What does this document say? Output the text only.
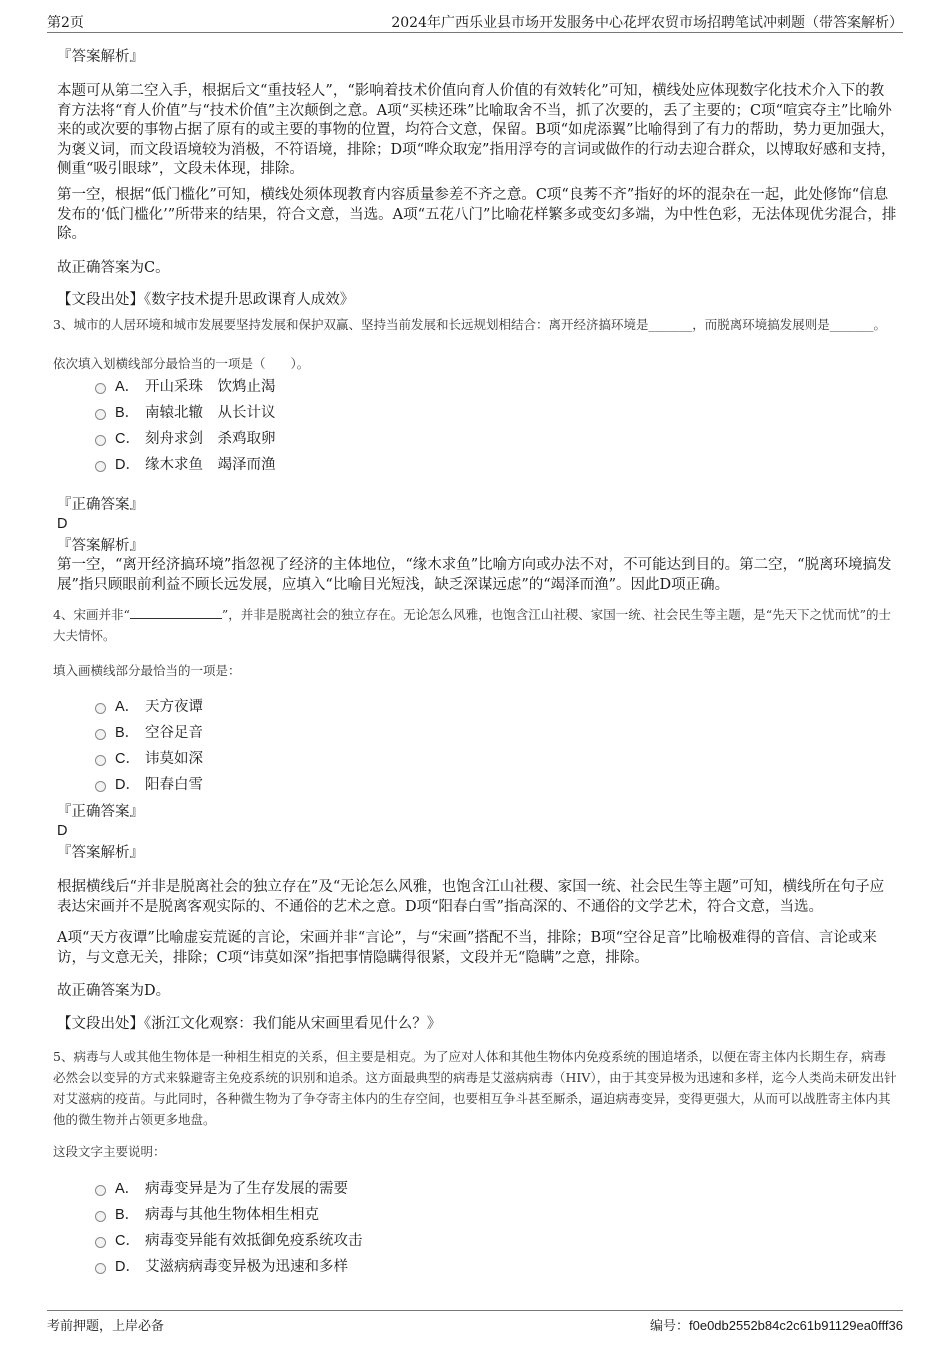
第2页	2024年广西乐业县市场开发服务中心花坪农贸市场招聘笔试冲刺题（带答案解析）
『答案解析』
本题可从第二空入手，根据后文“重技轻人”，“影响着技术价值向育人价值的有效转化”可知，横线处应体现数字化技术介入下的教育方法将“育人价值”与“技术价值”主次颠倒之意。A项“买椟还珠”比喻取舍不当，抓了次要的，丢了主要的；C项“喧宾夺主”比喻外来的或次要的事物占据了原有的或主要的事物的位置，均符合文意，保留。B项“如虎添翼”比喻得到了有力的帮助，势力更加强大，为褒义词，而文段语境较为消极，不符语境，排除；D项“哗众取宠”指用浮夸的言词或做作的行动去迎合群众，以博取好感和支持，侧重“吸引眼球”，文段未体现，排除。
第一空，根据“低门槛化”可知，横线处须体现教育内容质量参差不齐之意。C项“良莠不齐”指好的坏的混杂在一起，此处修饰“信息发布的‘低门槛化’”所带来的结果，符合文意，当选。A项“五花八门”比喻花样繁多或变幻多端，为中性色彩，无法体现优劣混合，排除。
故正确答案为C。
【文段出处】《数字技术提升思政课育人成效》
3、城市的人居环境和城市发展要坚持发展和保护双赢、坚持当前发展和长远规划相结合：离开经济搞环境是_______，而脱离环境搞发展则是_______。
依次填入划横线部分最恰当的一项是（　　）。
A． 开山采珠　饮鸩止渴
B． 南辕北辙　从长计议
C． 刻舟求剑　杀鸡取卵
D． 缘木求鱼　竭泽而渔
『正确答案』
D
『答案解析』
第一空，“离开经济搞环境”指忽视了经济的主体地位，“缘木求鱼”比喻方向或办法不对，不可能达到目的。第二空，“脱离环境搞发展”指只顾眼前利益不顾长远发展，应填入“比喻目光短浅，缺乏深谋远虑”的“竭泽而渔”。因此D项正确。
4、宋画并非“	”，并非是脱离社会的独立存在。无论怎么风雅，也饱含江山社稷、家国一统、社会民生等主题，是“先天下之忧而忧”的士大夫情怀。
填入画横线部分最恰当的一项是：
A． 天方夜谭
B． 空谷足音
C． 讳莫如深
D． 阳春白雪
『正确答案』
D
『答案解析』
根据横线后“并非是脱离社会的独立存在”及“无论怎么风雅，也饱含江山社稷、家国一统、社会民生等主题”可知，横线所在句子应表达宋画并不是脱离客观实际的、不通俗的艺术之意。D项“阳春白雪”指高深的、不通俗的文学艺术，符合文意，当选。
A项“天方夜谭”比喻虚妄荒诞的言论，宋画并非“言论”，与“宋画”搭配不当，排除；B项“空谷足音”比喻极难得的音信、言论或来访，与文意无关，排除；C项“讳莫如深”指把事情隐瞒得很紧，文段并无“隐瞒”之意，排除。
故正确答案为D。
【文段出处】《浙江文化观察：我们能从宋画里看见什么？》
5、病毒与人或其他生物体是一种相生相克的关系，但主要是相克。为了应对人体和其他生物体内免疫系统的围追堵杀，以便在寄主体内长期生存，病毒必然会以变异的方式来躲避寄主免疫系统的识别和追杀。这方面最典型的病毒是艾滋病病毒（HIV），由于其变异极为迅速和多样，迄今人类尚未研发出针对艾滋病的疫苗。与此同时，各种微生物为了争夺寄主体内的生存空间，也要相互争斗甚至厮杀，逼迫病毒变异，变得更强大，从而可以战胜寄主体内其他的微生物并占领更多地盘。
这段文字主要说明：
A． 病毒变异是为了生存发展的需要
B． 病毒与其他生物体相生相克
C． 病毒变异能有效抵御免疫系统攻击
D． 艾滋病病毒变异极为迅速和多样
考前押题，上岸必备	编号：f0e0db2552b84c2c61b91129ea0fff36
